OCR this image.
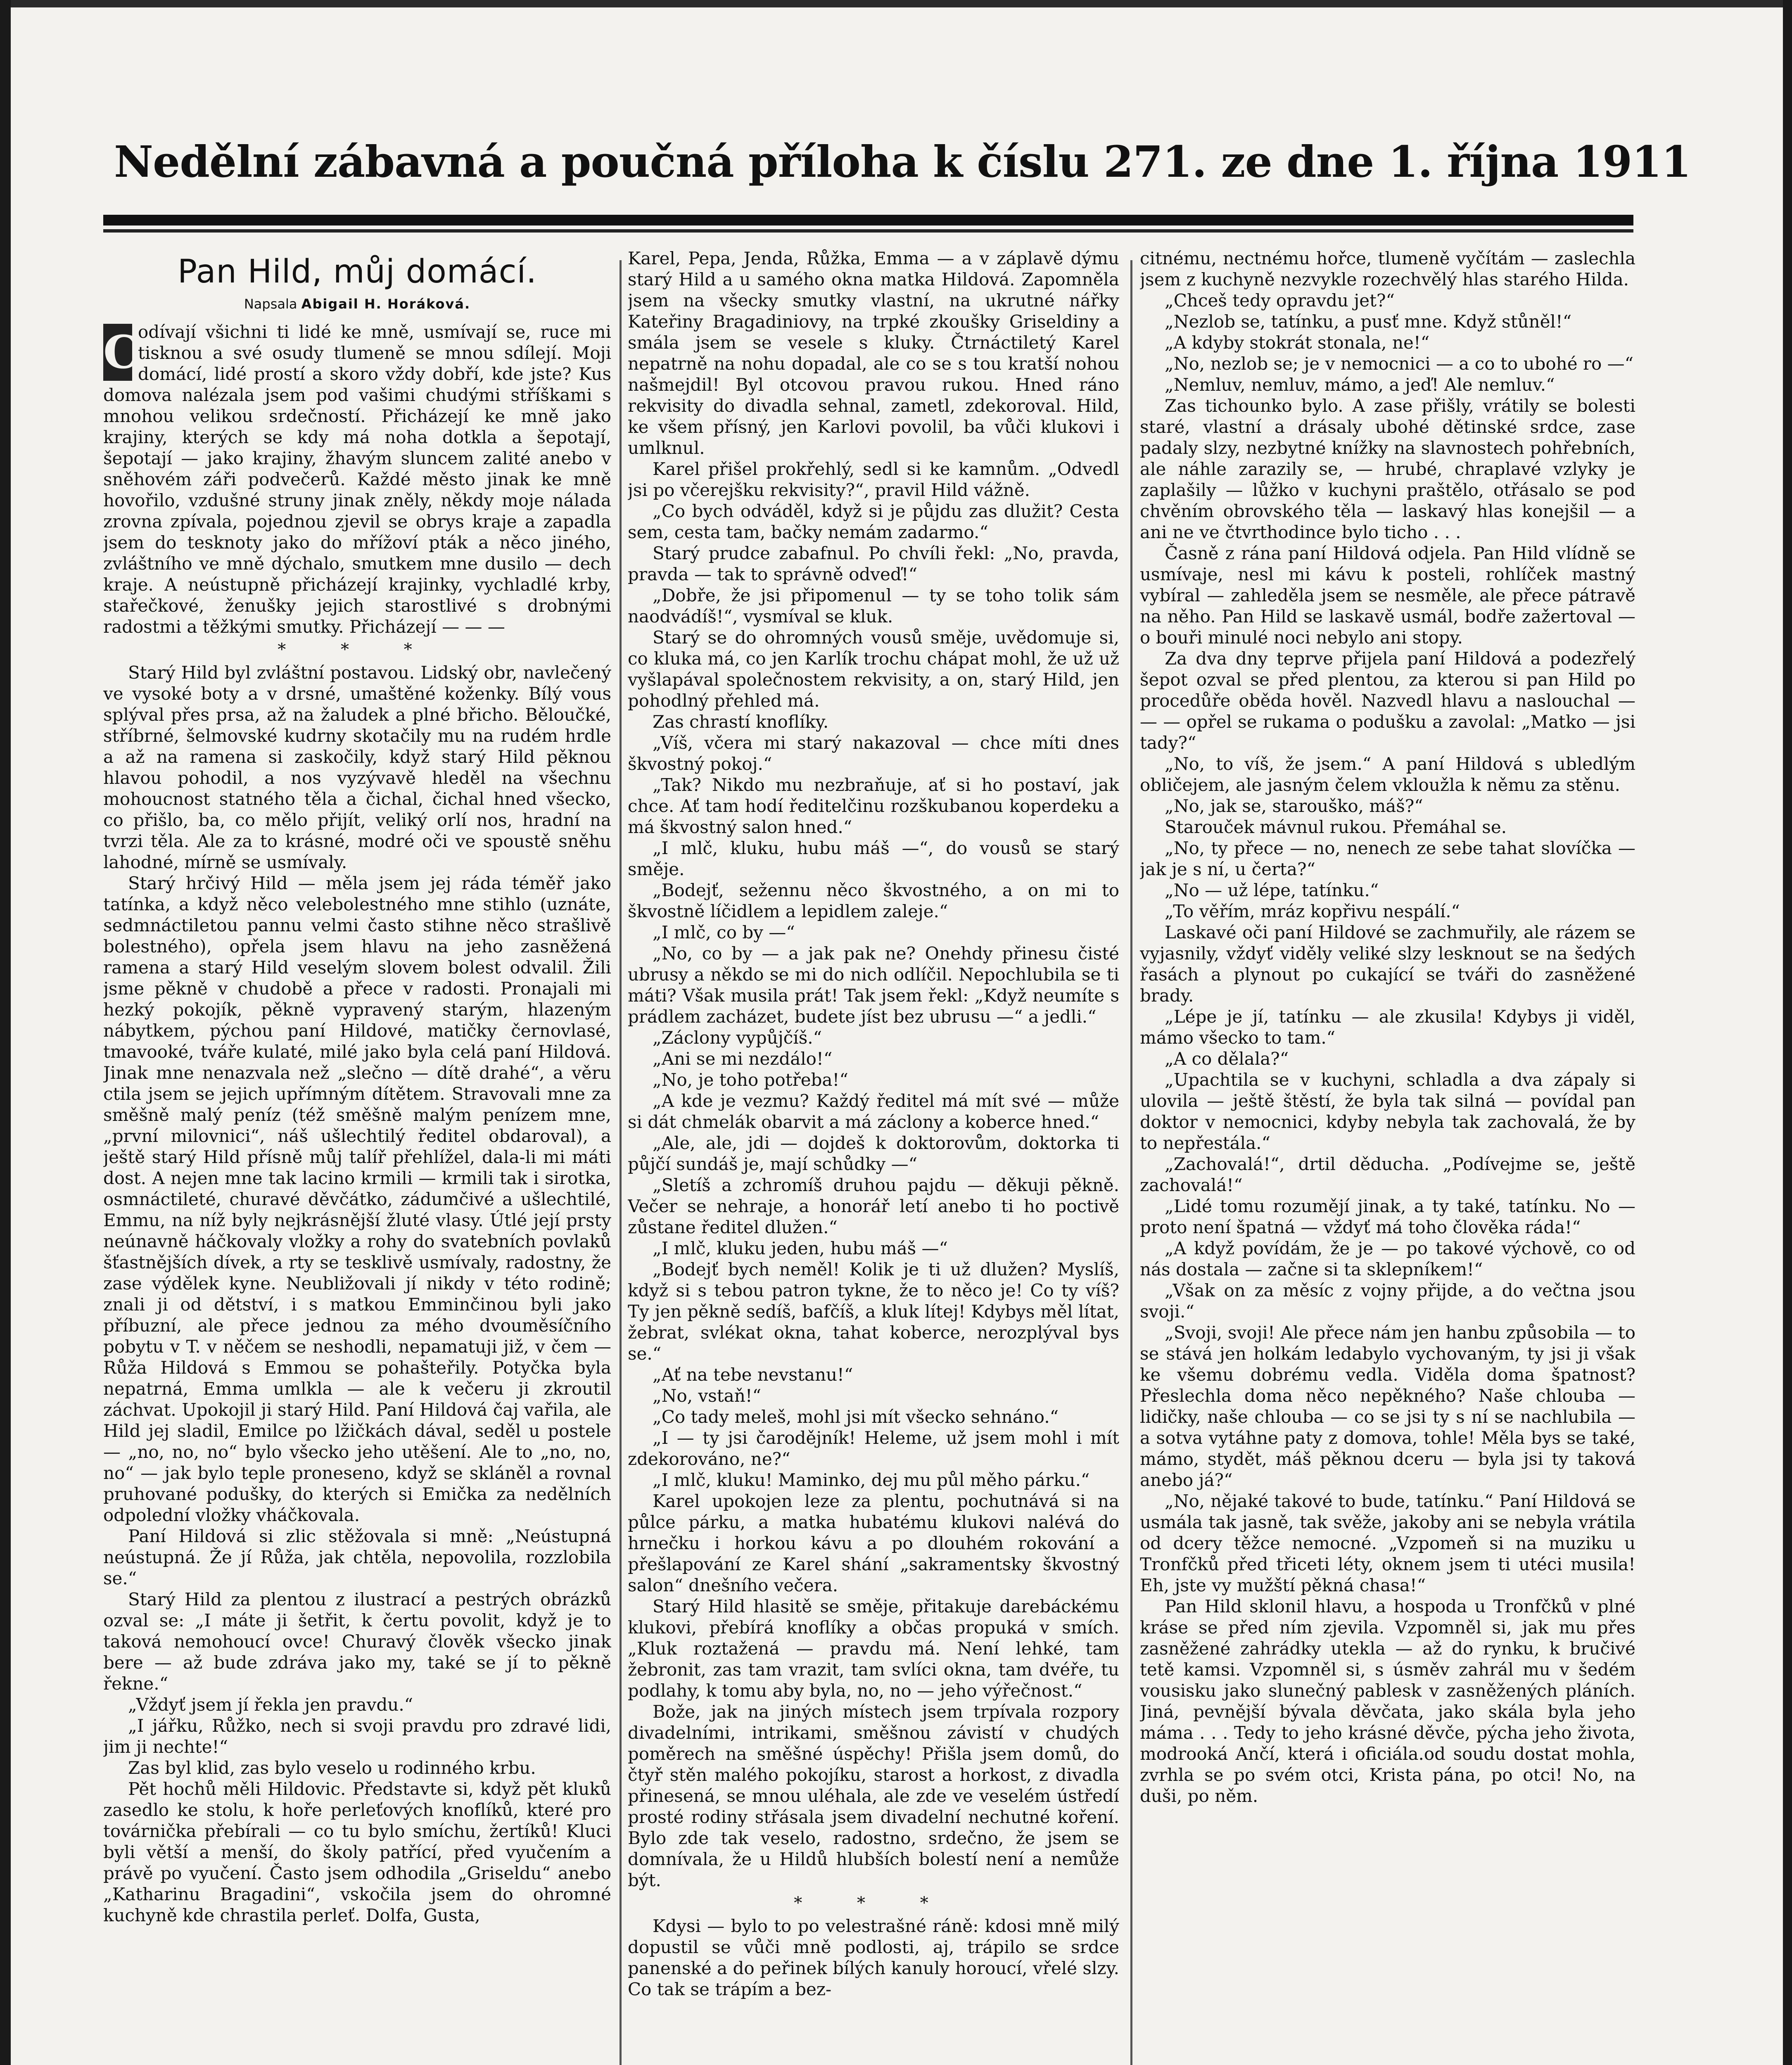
Nedělní zábavná a poučná příloha k číslu 271. ze dne 1. října 1911
Pan Hild, můj domácí.
Napsala Abigail H. Horáková.

C
odívají všichni ti lidé ke mně, usmívají se, ruce mi tisknou a své osudy tlumeně se mnou sdílejí. Moji domácí, lidé prostí a skoro vždy dobří, kde jste? Kus domova nalézala jsem pod vašimi chudými stříškami s mnohou velikou srdečností. Přicházejí ke mně jako krajiny, kterých se kdy má noha dotkla a šepotají, šepotají — jako krajiny, žhavým sluncem zalité anebo v sněhovém záři podvečerů. Každé město jinak ke mně hovořilo, vzdušné struny jinak zněly, někdy moje nálada zrovna zpívala, pojednou zjevil se obrys kraje a zapadla jsem do tesknoty jako do mřížoví pták a něco jiného, zvláštního ve mně dýchalo, smutkem mne dusilo — dech kraje. A neústupně přicházejí krajinky, vychladlé krby, stařečkové, ženušky jejich starostlivé s drobnými radostmi a těžkými smutky. Přicházejí — — —

* * *

Starý Hild byl zvláštní postavou. Lidský obr, navlečený ve vysoké boty a v drsné, umaštěné koženky. Bílý vous splýval přes prsa, až na žaludek a plné břicho. Běloučké, stříbrné, šelmovské kudrny skotačily mu na rudém hrdle a až na ramena si zaskočily, když starý Hild pěknou hlavou pohodil, a nos vyzývavě hleděl na všechnu mohoucnost statného těla a čichal, čichal hned všecko, co přišlo, ba, co mělo přijít, veliký orlí nos, hradní na tvrzi těla. Ale za to krásné, modré oči ve spoustě sněhu lahodné, mírně se usmívaly.

Starý hrčivý Hild — měla jsem jej ráda téměř jako tatínka, a když něco velebolestného mne stihlo (uznáte, sedmnáctiletou pannu velmi často stihne něco strašlivě bolestného), opřela jsem hlavu na jeho zasněžená ramena a starý Hild veselým slovem bolest odvalil. Žili jsme pěkně v chudobě a přece v radosti. Pronajali mi hezký pokojík, pěkně vypravený starým, hlazeným nábytkem, pýchou paní Hildové, matičky černovlasé, tmavooké, tváře kulaté, milé jako byla celá paní Hildová. Jinak mne nenazvala než „slečno — dítě drahé“, a věru ctila jsem se jejich upřímným dítětem. Stravovali mne za směšně malý peníz (též směšně malým penízem mne, „první milovnici“, náš ušlechtilý ředitel obdaroval), a ještě starý Hild přísně můj talíř přehlížel, dala-li mi máti dost. A nejen mne tak lacino krmili — krmili tak i sirotka, osmnáctileté, churavé děvčátko, zádumčivé a ušlechtilé, Emmu, na níž byly nejkrásnější žluté vlasy. Útlé její prsty neúnavně háčkovaly vložky a rohy do svatebních povlaků šťastnějších dívek, a rty se tesklivě usmívaly, radostny, že zase výdělek kyne. Neubližovali jí nikdy v této rodině; znali ji od dětství, i s matkou Emminčinou byli jako příbuzní, ale přece jednou za mého dvouměsíčního pobytu v T. v něčem se neshodli, nepamatuji již, v čem — Růža Hildová s Emmou se pohašteřily. Potyčka byla nepatrná, Emma umlkla — ale k večeru ji zkroutil záchvat. Upokojil ji starý Hild. Paní Hildová čaj vařila, ale Hild jej sladil, Emilce po lžičkách dával, seděl u postele — „no, no, no“ bylo všecko jeho utěšení. Ale to „no, no, no“ — jak bylo teple proneseno, když se skláněl a rovnal pruhované podušky, do kterých si Emička za nedělních odpolední vložky vháčkovala.

Paní Hildová si zlic stěžovala si mně: „Neústupná neústupná. Že jí Růža, jak chtěla, nepovolila, rozzlobila se.“

Starý Hild za plentou z ilustrací a pestrých obrázků ozval se: „I máte ji šetřit, k čertu povolit, když je to taková nemohoucí ovce! Churavý člověk všecko jinak bere — až bude zdráva jako my, také se jí to pěkně řekne.“

„Vždyť jsem jí řekla jen pravdu.“

„I jářku, Růžko, nech si svoji pravdu pro zdravé lidi, jim ji nechte!“

Zas byl klid, zas bylo veselo u rodinného krbu.

Pět hochů měli Hildovic. Představte si, když pět kluků zasedlo ke stolu, k hoře perleťových knoflíků, které pro továrnička přebírali — co tu bylo smíchu, žertíků! Kluci byli větší a menší, do školy patřící, před vyučením a právě po vyučení. Často jsem odhodila „Griseldu“ anebo „Katharinu Bragadini“, vskočila jsem do ohromné kuchyně kde chrastila perleť. Dolfa, Gusta,

Karel, Pepa, Jenda, Růžka, Emma — a v záplavě dýmu starý Hild a u samého okna matka Hildová. Zapomněla jsem na všecky smutky vlastní, na ukrutné nářky Kateřiny Bragadiniovy, na trpké zkoušky Griseldiny a smála jsem se vesele s kluky. Čtrnáctiletý Karel nepatrně na nohu dopadal, ale co se s tou kratší nohou našmejdil! Byl otcovou pravou rukou. Hned ráno rekvisity do divadla sehnal, zametl, zdekoroval. Hild, ke všem přísný, jen Karlovi povolil, ba vůči klukovi i umlknul.

Karel přišel prokřehlý, sedl si ke kamnům. „Odvedl jsi po včerejšku rekvisity?“, pravil Hild vážně.

„Co bych odváděl, když si je půjdu zas dlužit? Cesta sem, cesta tam, bačky nemám zadarmo.“

Starý prudce zabafnul. Po chvíli řekl: „No, pravda, pravda — tak to správně odveď!“

„Dobře, že jsi připomenul — ty se toho tolik sám naodvádíš!“, vysmíval se kluk.

Starý se do ohromných vousů směje, uvědomuje si, co kluka má, co jen Karlík trochu chápat mohl, že už už vyšlapával společnostem rekvisity, a on, starý Hild, jen pohodlný přehled má.

Zas chrastí knoflíky.

„Víš, včera mi starý nakazoval — chce míti dnes škvostný pokoj.“

„Tak? Nikdo mu nezbraňuje, ať si ho postaví, jak chce. Ať tam hodí ředitelčinu rozškubanou koperdeku a má škvostný salon hned.“

„I mlč, kluku, hubu máš —“, do vousů se starý směje.

„Bodejť, sežennu něco škvostného, a on mi to škvostně líčidlem a lepidlem zaleje.“

„I mlč, co by —“

„No, co by — a jak pak ne? Onehdy přinesu čisté ubrusy a někdo se mi do nich odlíčil. Nepochlubila se ti máti? Však musila prát! Tak jsem řekl: „Když neumíte s prádlem zacházet, budete jíst bez ubrusu —“ a jedli.“

„Záclony vypůjčíš.“

„Ani se mi nezdálo!“

„No, je toho potřeba!“

„A kde je vezmu? Každý ředitel má mít své — může si dát chmelák obarvit a má záclony a koberce hned.“

„Ale, ale, jdi — dojdeš k doktorovům, doktorka ti půjčí sundáš je, mají schůdky —“

„Sletíš a zchromíš druhou pajdu — děkuji pěkně. Večer se nehraje, a honorář letí anebo ti ho poctivě zůstane ředitel dlužen.“

„I mlč, kluku jeden, hubu máš —“

„Bodejť bych neměl! Kolik je ti už dlužen? Myslíš, když si s tebou patron tykne, že to něco je! Co ty víš? Ty jen pěkně sedíš, bafčíš, a kluk lítej! Kdybys měl lítat, žebrat, svlékat okna, tahat koberce, nerozplýval bys se.“

„Ať na tebe nevstanu!“

„No, vstaň!“

„Co tady meleš, mohl jsi mít všecko sehnáno.“

„I — ty jsi čarodějník! Heleme, už jsem mohl i mít zdekorováno, ne?“

„I mlč, kluku! Maminko, dej mu půl měho párku.“

Karel upokojen leze za plentu, pochutnává si na půlce párku, a matka hubatému klukovi nalévá do hrnečku i horkou kávu a po dlouhém rokování a přešlapování ze Karel shání „sakramentsky škvostný salon“ dnešního večera.

Starý Hild hlasitě se směje, přitakuje darebáckému klukovi, přebírá knoflíky a občas propuká v smích. „Kluk roztažená — pravdu má. Není lehké, tam žebronit, zas tam vrazit, tam svlíci okna, tam dvéře, tu podlahy, k tomu aby byla, no, no — jeho výřečnost.“

Bože, jak na jiných místech jsem trpívala rozpory divadelními, intrikami, směšnou závistí v chudých poměrech na směšné úspěchy! Přišla jsem domů, do čtyř stěn malého pokojíku, starost a horkost, z divadla přinesená, se mnou uléhala, ale zde ve veselém ústředí prosté rodiny střásala jsem divadelní nechutné koření. Bylo zde tak veselo, radostno, srdečno, že jsem se domnívala, že u Hildů hlubších bolestí není a nemůže být.

* * *

Kdysi — bylo to po velestrašné ráně: kdosi mně milý dopustil se vůči mně podlosti, aj, trápilo se srdce panenské a do peřinek bílých kanuly horoucí, vřelé slzy. Co tak se trápím a bez-

citnému, nectnému hořce, tlumeně vyčítám — zaslechla jsem z kuchyně nezvykle rozechvělý hlas starého Hilda.

„Chceš tedy opravdu jet?“

„Nezlob se, tatínku, a pusť mne. Když stůněl!“

„A kdyby stokrát stonala, ne!“

„No, nezlob se; je v nemocnici — a co to ubohé ro —“

„Nemluv, nemluv, mámo, a jeď! Ale nemluv.“

Zas tichounko bylo. A zase přišly, vrátily se bolesti staré, vlastní a drásaly ubohé dětinské srdce, zase padaly slzy, nezbytné knížky na slavnostech pohřebních, ale náhle zarazily se, — hrubé, chraplavé vzlyky je zaplašily — lůžko v kuchyni praštělo, otřásalo se pod chvěním obrovského těla — laskavý hlas konejšil — a ani ne ve čtvrthodince bylo ticho . . .

Časně z rána paní Hildová odjela. Pan Hild vlídně se usmívaje, nesl mi kávu k posteli, rohlíček mastný vybíral — zahleděla jsem se nesměle, ale přece pátravě na něho. Pan Hild se laskavě usmál, bodře zažertoval — o bouři minulé noci nebylo ani stopy.

Za dva dny teprve přijela paní Hildová a podezřelý šepot ozval se před plentou, za kterou si pan Hild po procedůře oběda hověl. Nazvedl hlavu a naslouchal — — — opřel se rukama o podušku a zavolal: „Matko — jsi tady?“

„No, to víš, že jsem.“ A paní Hildová s ubledlým obličejem, ale jasným čelem vkloužla k němu za stěnu.

„No, jak se, starouško, máš?“

Starouček mávnul rukou. Přemáhal se.

„No, ty přece — no, nenech ze sebe tahat slovíčka — jak je s ní, u čerta?“

„No — už lépe, tatínku.“

„To věřím, mráz kopřivu nespálí.“

Laskavé oči paní Hildové se zachmuřily, ale rázem se vyjasnily, vždyť viděly veliké slzy lesknout se na šedých řasách a plynout po cukající se tváři do zasněžené brady.

„Lépe je jí, tatínku — ale zkusila! Kdybys ji viděl, mámo všecko to tam.“

„A co dělala?“

„Upachtila se v kuchyni, schladla a dva zápaly si ulovila — ještě štěstí, že byla tak silná — povídal pan doktor v nemocnici, kdyby nebyla tak zachovalá, že by to nepřestála.“

„Zachovalá!“, drtil děducha. „Podívejme se, ještě zachovalá!“

„Lidé tomu rozumějí jinak, a ty také, tatínku. No — proto není špatná — vždyť má toho člověka rádа!“

„A když povídám, že je — po takové výchově, co od nás dostala — začne si ta sklepníkem!“

„Však on za měsíc z vojny přijde, a do večtna jsou svoji.“

„Svoji, svoji! Ale přece nám jen hanbu způsobila — to se stává jen holkám ledabylo vychovaným, ty jsi ji však ke všemu dobrému vedla. Viděla doma špatnost? Přeslechla doma něco nepěkného? Naše chlouba — lidičky, naše chlouba — co se jsi ty s ní se nachlubila — a sotva vytáhne paty z domova, tohle! Měla bys se také, mámo, stydět, máš pěknou dceru — byla jsi ty taková anebo já?“

„No, nějaké takové to bude, tatínku.“ Paní Hildová se usmála tak jasně, tak svěže, jakoby ani se nebyla vrátila od dcery těžce nemocné. „Vzpomeň si na muziku u Tronfčků před třiceti léty, oknem jsem ti utéci musila! Eh, jste vy mužští pěkná chasa!“

Pan Hild sklonil hlavu, a hospoda u Tronfčků v plné kráse se před ním zjevila. Vzpomněl si, jak mu přes zasněžené zahrádky utekla — až do rynku, k bručivé tetě kamsi. Vzpomněl si, s úsměv zahrál mu v šedém vousisku jako slunečný pablesk v zasněžených pláních. Jiná, pevnější bývala děvčata, jako skála byla jeho máma . . . Tedy to jeho krásné děvče, pýcha jeho života, modrooká Ančí, která i oficiála.od soudu dostat mohla, zvrhla se po svém otci, Krista pána, po otci! No, na duši, po něm.
